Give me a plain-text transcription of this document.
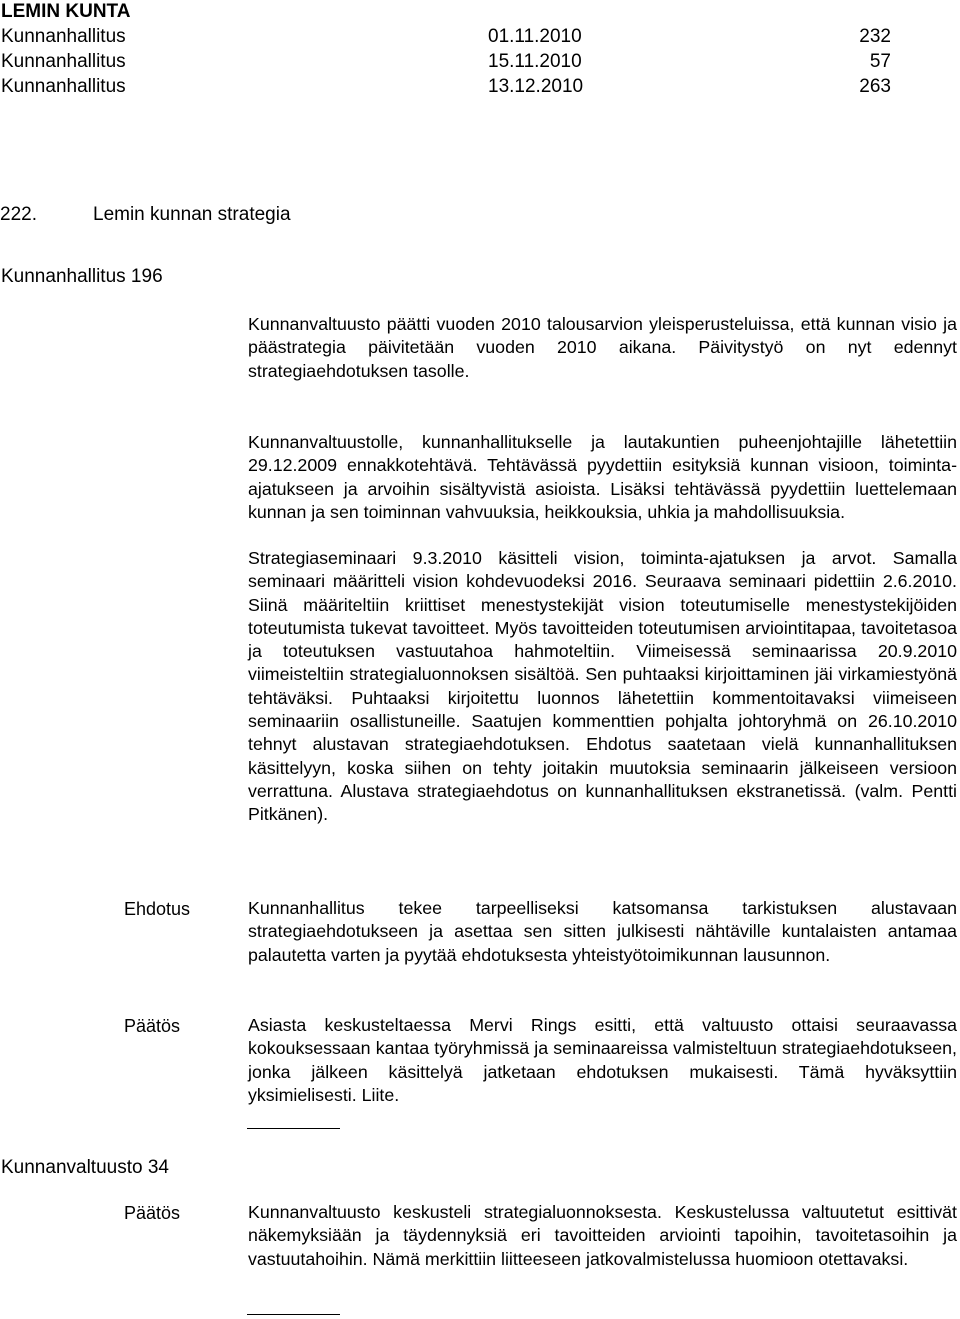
LEMIN KUNTA
Kunnanhallitus	01.11.2010	232
Kunnanhallitus	15.11.2010	57
Kunnanhallitus	13.12.2010	263
222.	Lemin kunnan strategia
Kunnanhallitus 196
Kunnanvaltuusto päätti vuoden 2010 talousarvion yleisperusteluissa, että kunnan visio ja päästrategia päivitetään vuoden 2010 aikana. Päivitystyö on nyt edennyt strategiaehdotuksen tasolle.
Kunnanvaltuustolle, kunnanhallitukselle ja lautakuntien puheenjohtajille lähetettiin 29.12.2009 ennakkotehtävä. Tehtävässä pyydettiin esityksiä kunnan visioon, toiminta-ajatukseen ja arvoihin sisältyvistä asioista. Lisäksi tehtävässä pyydettiin luettelemaan kunnan ja sen toiminnan vahvuuksia, heikkouksia, uhkia ja mahdollisuuksia.
Strategiaseminaari 9.3.2010 käsitteli vision, toiminta-ajatuksen ja arvot. Samalla seminaari määritteli vision kohdevuodeksi 2016. Seuraava seminaari pidettiin 2.6.2010. Siinä määriteltiin kriittiset menestystekijät vision toteutumiselle menestystekijöiden toteutumista tukevat tavoitteet. Myös tavoitteiden toteutumisen arviointitapaa, tavoitetasoa ja toteutuksen vastuutahoa hahmoteltiin. Viimeisessä seminaarissa 20.9.2010 viimeisteltiin strategialuonnoksen sisältöä. Sen puhtaaksi kirjoittaminen jäi virkamiestyönä tehtäväksi. Puhtaaksi kirjoitettu luonnos lähetettiin kommentoitavaksi viimeiseen seminaariin osallistuneille. Saatujen kommenttien pohjalta johtoryhmä on 26.10.2010 tehnyt alustavan strategiaehdotuksen. Ehdotus saatetaan vielä kunnanhallituksen käsittelyyn, koska siihen on tehty joitakin muutoksia seminaarin jälkeiseen versioon verrattuna. Alustava strategiaehdotus on kunnanhallituksen ekstranetissä. (valm. Pentti Pitkänen).
Ehdotus	Kunnanhallitus tekee tarpeelliseksi katsomansa tarkistuksen alustavaan strategiaehdotukseen ja asettaa sen sitten julkisesti nähtäville kuntalaisten antamaa palautetta varten ja pyytää ehdotuksesta yhteistyötoimikunnan lausunnon.
Päätös	Asiasta keskusteltaessa Mervi Rings esitti, että valtuusto ottaisi seuraavassa kokouksessaan kantaa työryhmissä ja seminaareissa valmisteltuun strategiaehdotukseen, jonka jälkeen käsittelyä jatketaan ehdotuksen mukaisesti. Tämä hyväksyttiin yksimielisesti. Liite.
Kunnanvaltuusto 34
Päätös	Kunnanvaltuusto keskusteli strategialuonnoksesta. Keskustelussa valtuutetut esittivät näkemyksiään ja täydennyksiä eri tavoitteiden arviointi tapoihin, tavoitetasoihin ja vastuutahoihin. Nämä merkittiin liitteeseen jatkovalmistelussa huomioon otettavaksi.
